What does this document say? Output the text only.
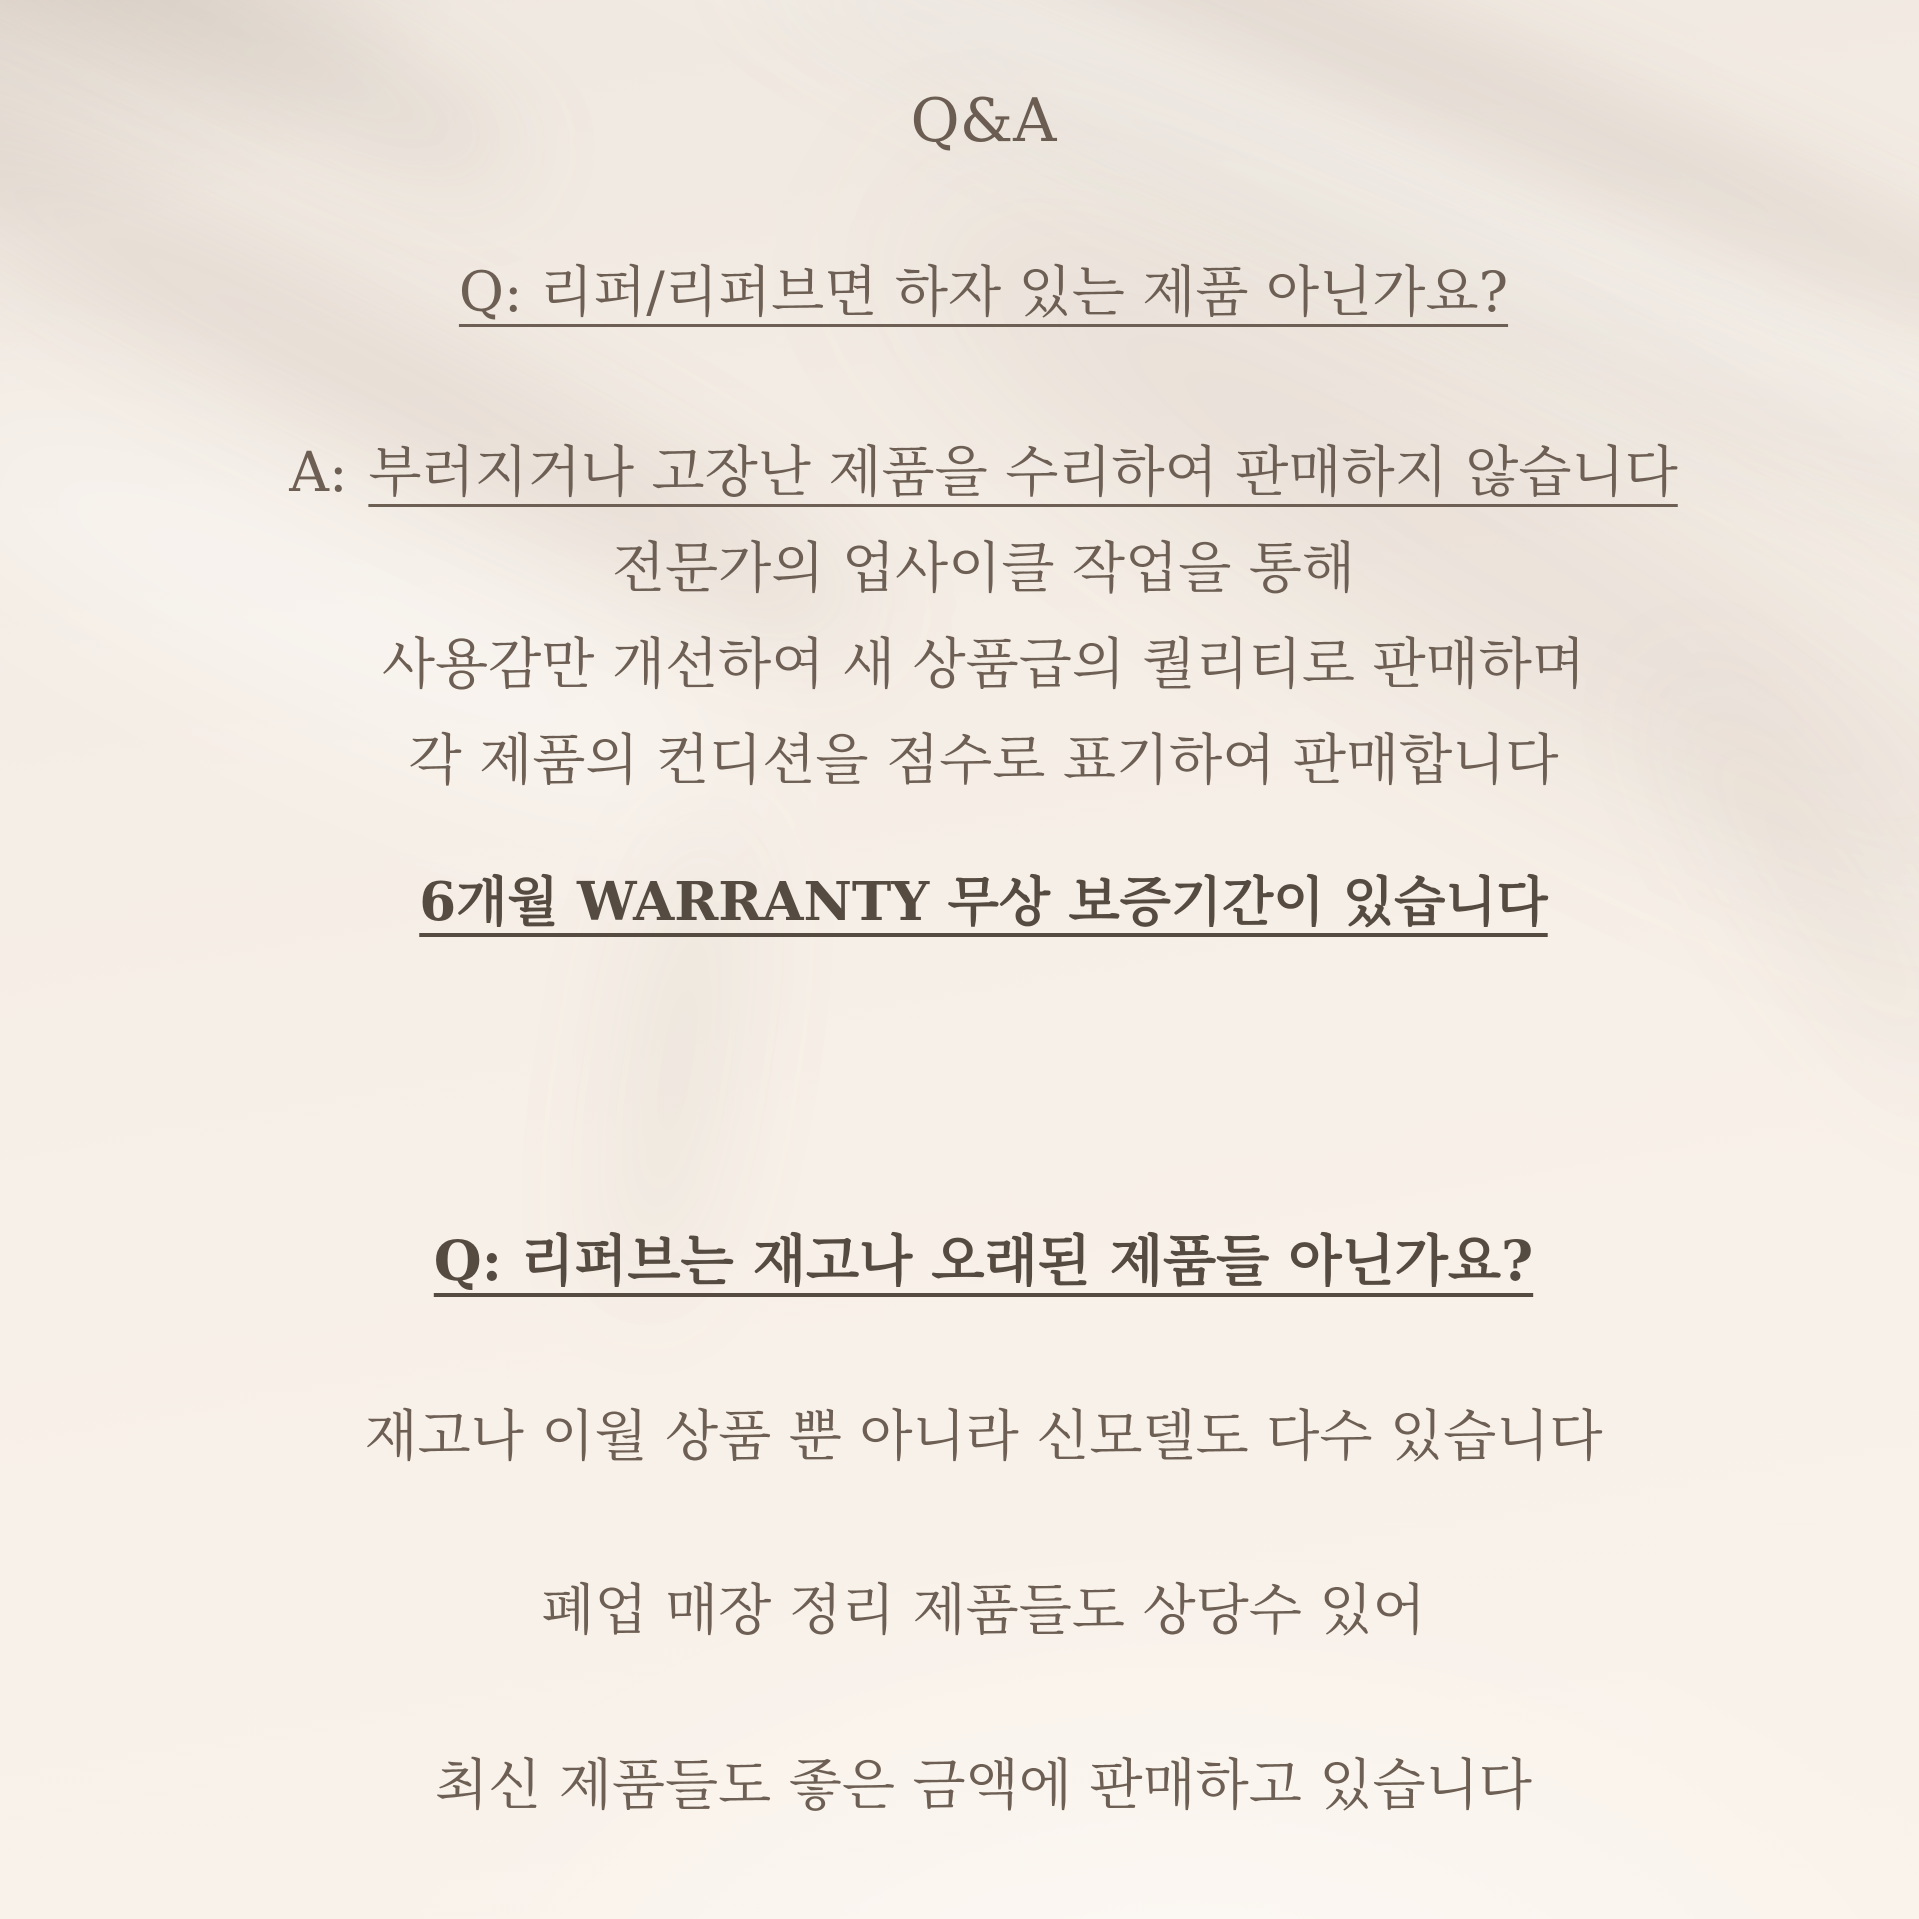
Q&A

Q: 리퍼/리퍼브면 하자 있는 제품 아닌가요?

A: 부러지거나 고장난 제품을 수리하여 판매하지 않습니다

전문가의 업사이클 작업을 통해

사용감만 개선하여 새 상품급의 퀄리티로 판매하며

각 제품의 컨디션을 점수로 표기하여 판매합니다

6개월 WARRANTY 무상 보증기간이 있습니다

Q: 리퍼브는 재고나 오래된 제품들 아닌가요?

재고나 이월 상품 뿐 아니라 신모델도 다수 있습니다

폐업 매장 정리 제품들도 상당수 있어

최신 제품들도 좋은 금액에 판매하고 있습니다
